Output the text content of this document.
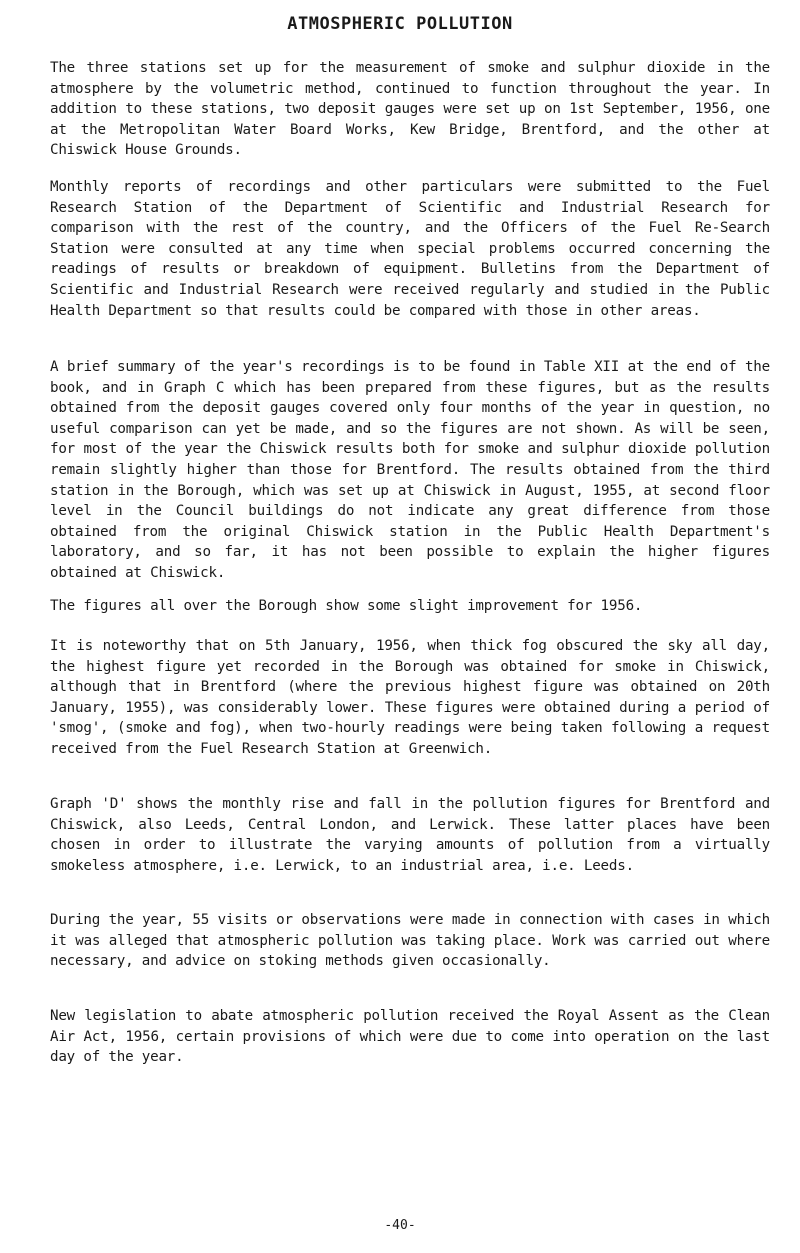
ATMOSPHERIC POLLUTION

The three stations set up for the measurement of smoke and sulphur dioxide in the atmosphere by the volumetric method, continued to function throughout the year. In addition to these stations, two deposit gauges were set up on 1st September, 1956, one at the Metropolitan Water Board Works, Kew Bridge, Brentford, and the other at Chiswick House Grounds.

Monthly reports of recordings and other particulars were submitted to the Fuel Research Station of the Department of Scientific and Industrial Research for comparison with the rest of the country, and the Officers of the Fuel Re-Search Station were consulted at any time when special problems occurred concerning the readings of results or breakdown of equipment. Bulletins from the Department of Scientific and Industrial Research were received regularly and studied in the Public Health Department so that results could be compared with those in other areas.

A brief summary of the year's recordings is to be found in Table XII at the end of the book, and in Graph C which has been prepared from these figures, but as the results obtained from the deposit gauges covered only four months of the year in question, no useful comparison can yet be made, and so the figures are not shown. As will be seen, for most of the year the Chiswick results both for smoke and sulphur dioxide pollution remain slightly higher than those for Brentford. The results obtained from the third station in the Borough, which was set up at Chiswick in August, 1955, at second floor level in the Council buildings do not indicate any great difference from those obtained from the original Chiswick station in the Public Health Department's laboratory, and so far, it has not been possible to explain the higher figures obtained at Chiswick.

The figures all over the Borough show some slight improvement for 1956.

It is noteworthy that on 5th January, 1956, when thick fog obscured the sky all day, the highest figure yet recorded in the Borough was obtained for smoke in Chiswick, although that in Brentford (where the previous highest figure was obtained on 20th January, 1955), was considerably lower. These figures were obtained during a period of 'smog', (smoke and fog), when two-hourly readings were being taken following a request received from the Fuel Research Station at Greenwich.

Graph 'D' shows the monthly rise and fall in the pollution figures for Brentford and Chiswick, also Leeds, Central London, and Lerwick. These latter places have been chosen in order to illustrate the varying amounts of pollution from a virtually smokeless atmosphere, i.e. Lerwick, to an industrial area, i.e. Leeds.

During the year, 55 visits or observations were made in connection with cases in which it was alleged that atmospheric pollution was taking place. Work was carried out where necessary, and advice on stoking methods given occasionally.

New legislation to abate atmospheric pollution received the Royal Assent as the Clean Air Act, 1956, certain provisions of which were due to come into operation on the last day of the year.

-40-
